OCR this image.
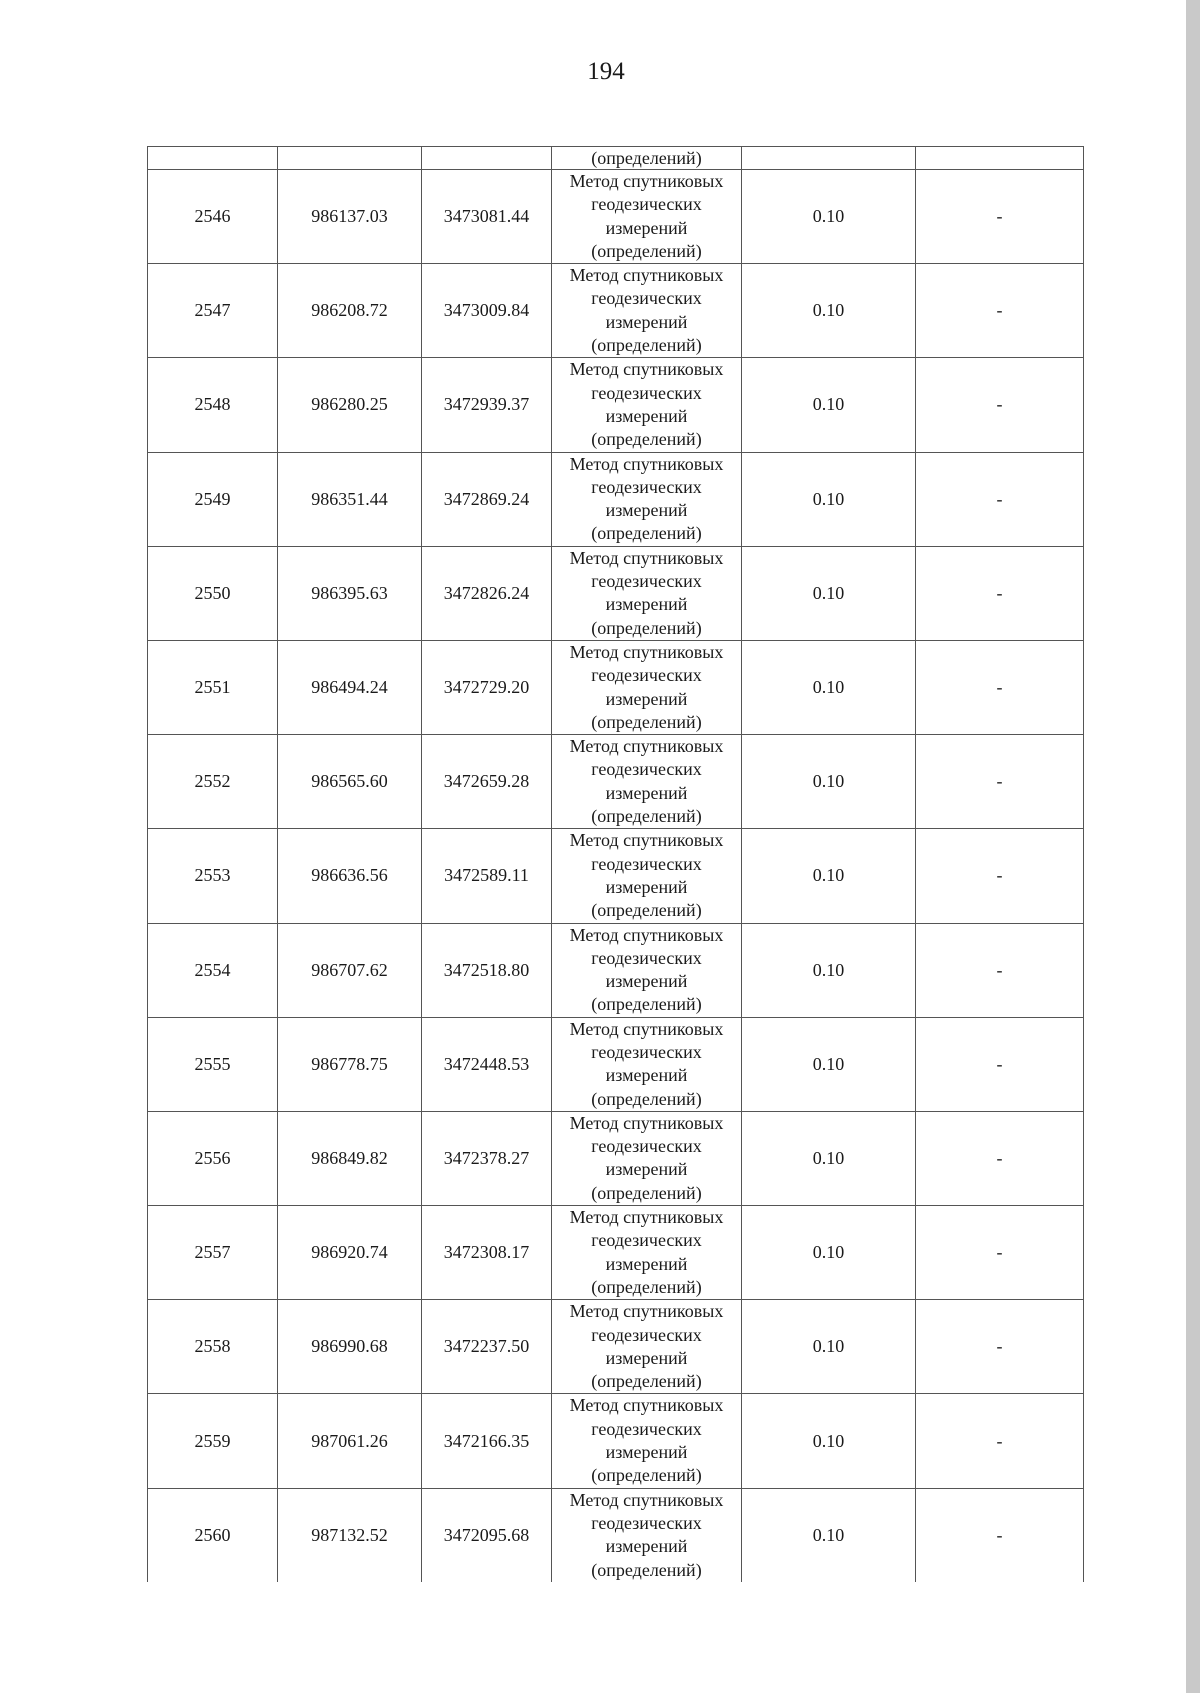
194
			(определений)		
2546	986137.03	3473081.44	Метод спутниковых
геодезических
измерений
(определений)	0.10	-
2547	986208.72	3473009.84	Метод спутниковых
геодезических
измерений
(определений)	0.10	-
2548	986280.25	3472939.37	Метод спутниковых
геодезических
измерений
(определений)	0.10	-
2549	986351.44	3472869.24	Метод спутниковых
геодезических
измерений
(определений)	0.10	-
2550	986395.63	3472826.24	Метод спутниковых
геодезических
измерений
(определений)	0.10	-
2551	986494.24	3472729.20	Метод спутниковых
геодезических
измерений
(определений)	0.10	-
2552	986565.60	3472659.28	Метод спутниковых
геодезических
измерений
(определений)	0.10	-
2553	986636.56	3472589.11	Метод спутниковых
геодезических
измерений
(определений)	0.10	-
2554	986707.62	3472518.80	Метод спутниковых
геодезических
измерений
(определений)	0.10	-
2555	986778.75	3472448.53	Метод спутниковых
геодезических
измерений
(определений)	0.10	-
2556	986849.82	3472378.27	Метод спутниковых
геодезических
измерений
(определений)	0.10	-
2557	986920.74	3472308.17	Метод спутниковых
геодезических
измерений
(определений)	0.10	-
2558	986990.68	3472237.50	Метод спутниковых
геодезических
измерений
(определений)	0.10	-
2559	987061.26	3472166.35	Метод спутниковых
геодезических
измерений
(определений)	0.10	-
2560	987132.52	3472095.68	Метод спутниковых
геодезических
измерений
(определений)	0.10	-
